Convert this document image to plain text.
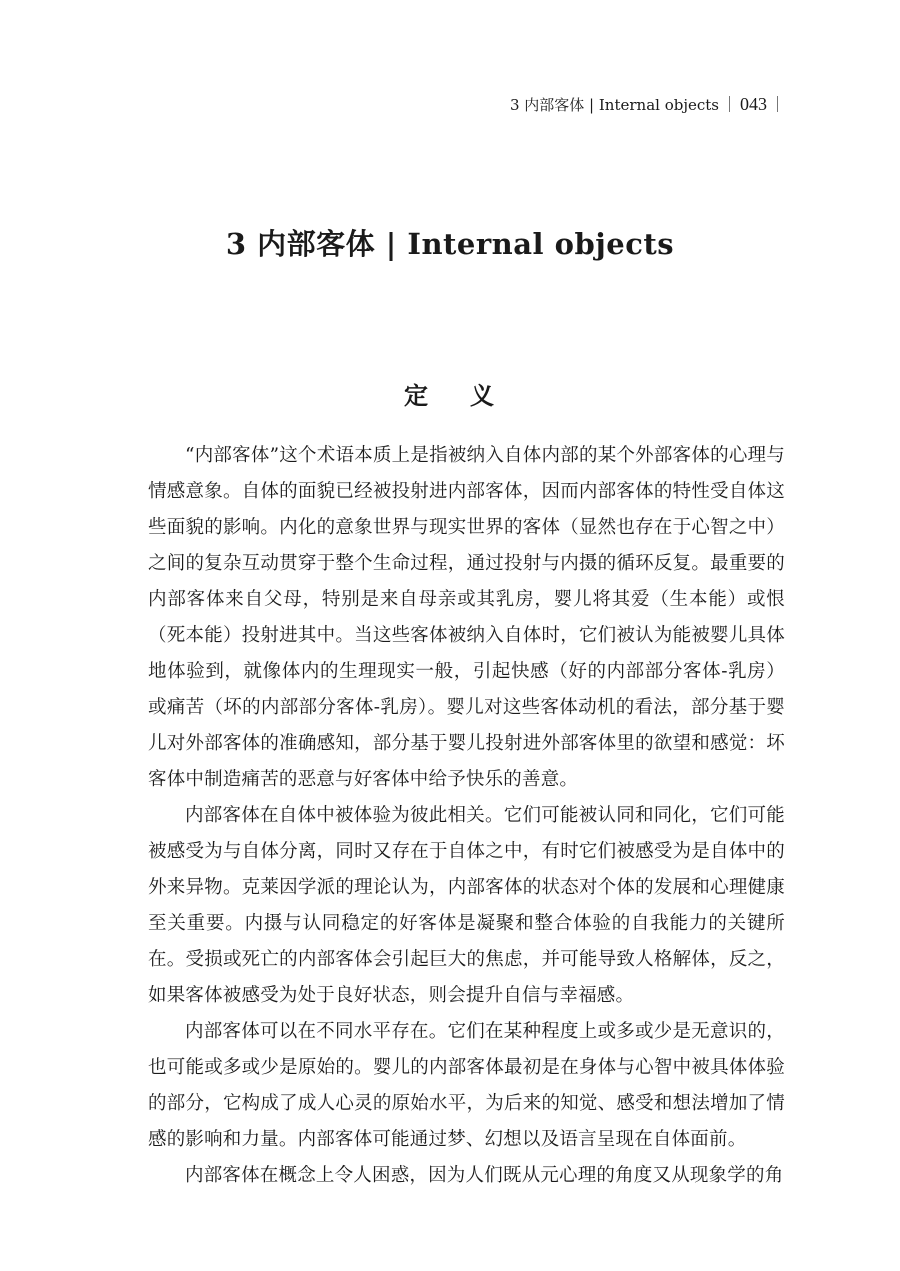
3 内部客体 | Internal objects 043
3 内部客体 | Internal objects
定 义

“内部客体”这个术语本质上是指被纳入自体内部的某个外部客体的心理与情感意象。自体的面貌已经被投射进内部客体，因而内部客体的特性受自体这些面貌的影响。内化的意象世界与现实世界的客体（显然也存在于心智之中）之间的复杂互动贯穿于整个生命过程，通过投射与内摄的循环反复。最重要的内部客体来自父母，特别是来自母亲或其乳房，婴儿将其爱（生本能）或恨（死本能）投射进其中。当这些客体被纳入自体时，它们被认为能被婴儿具体地体验到，就像体内的生理现实一般，引起快感（好的内部部分客体-乳房）或痛苦（坏的内部部分客体-乳房）。婴儿对这些客体动机的看法，部分基于婴儿对外部客体的准确感知，部分基于婴儿投射进外部客体里的欲望和感觉：坏客体中制造痛苦的恶意与好客体中给予快乐的善意。

内部客体在自体中被体验为彼此相关。它们可能被认同和同化，它们可能被感受为与自体分离，同时又存在于自体之中，有时它们被感受为是自体中的外来异物。克莱因学派的理论认为，内部客体的状态对个体的发展和心理健康至关重要。内摄与认同稳定的好客体是凝聚和整合体验的自我能力的关键所在。受损或死亡的内部客体会引起巨大的焦虑，并可能导致人格解体，反之，如果客体被感受为处于良好状态，则会提升自信与幸福感。

内部客体可以在不同水平存在。它们在某种程度上或多或少是无意识的，也可能或多或少是原始的。婴儿的内部客体最初是在身体与心智中被具体体验的部分，它构成了成人心灵的原始水平，为后来的知觉、感受和想法增加了情感的影响和力量。内部客体可能通过梦、幻想以及语言呈现在自体面前。

内部客体在概念上令人困惑，因为人们既从元心理的角度又从现象学的角
